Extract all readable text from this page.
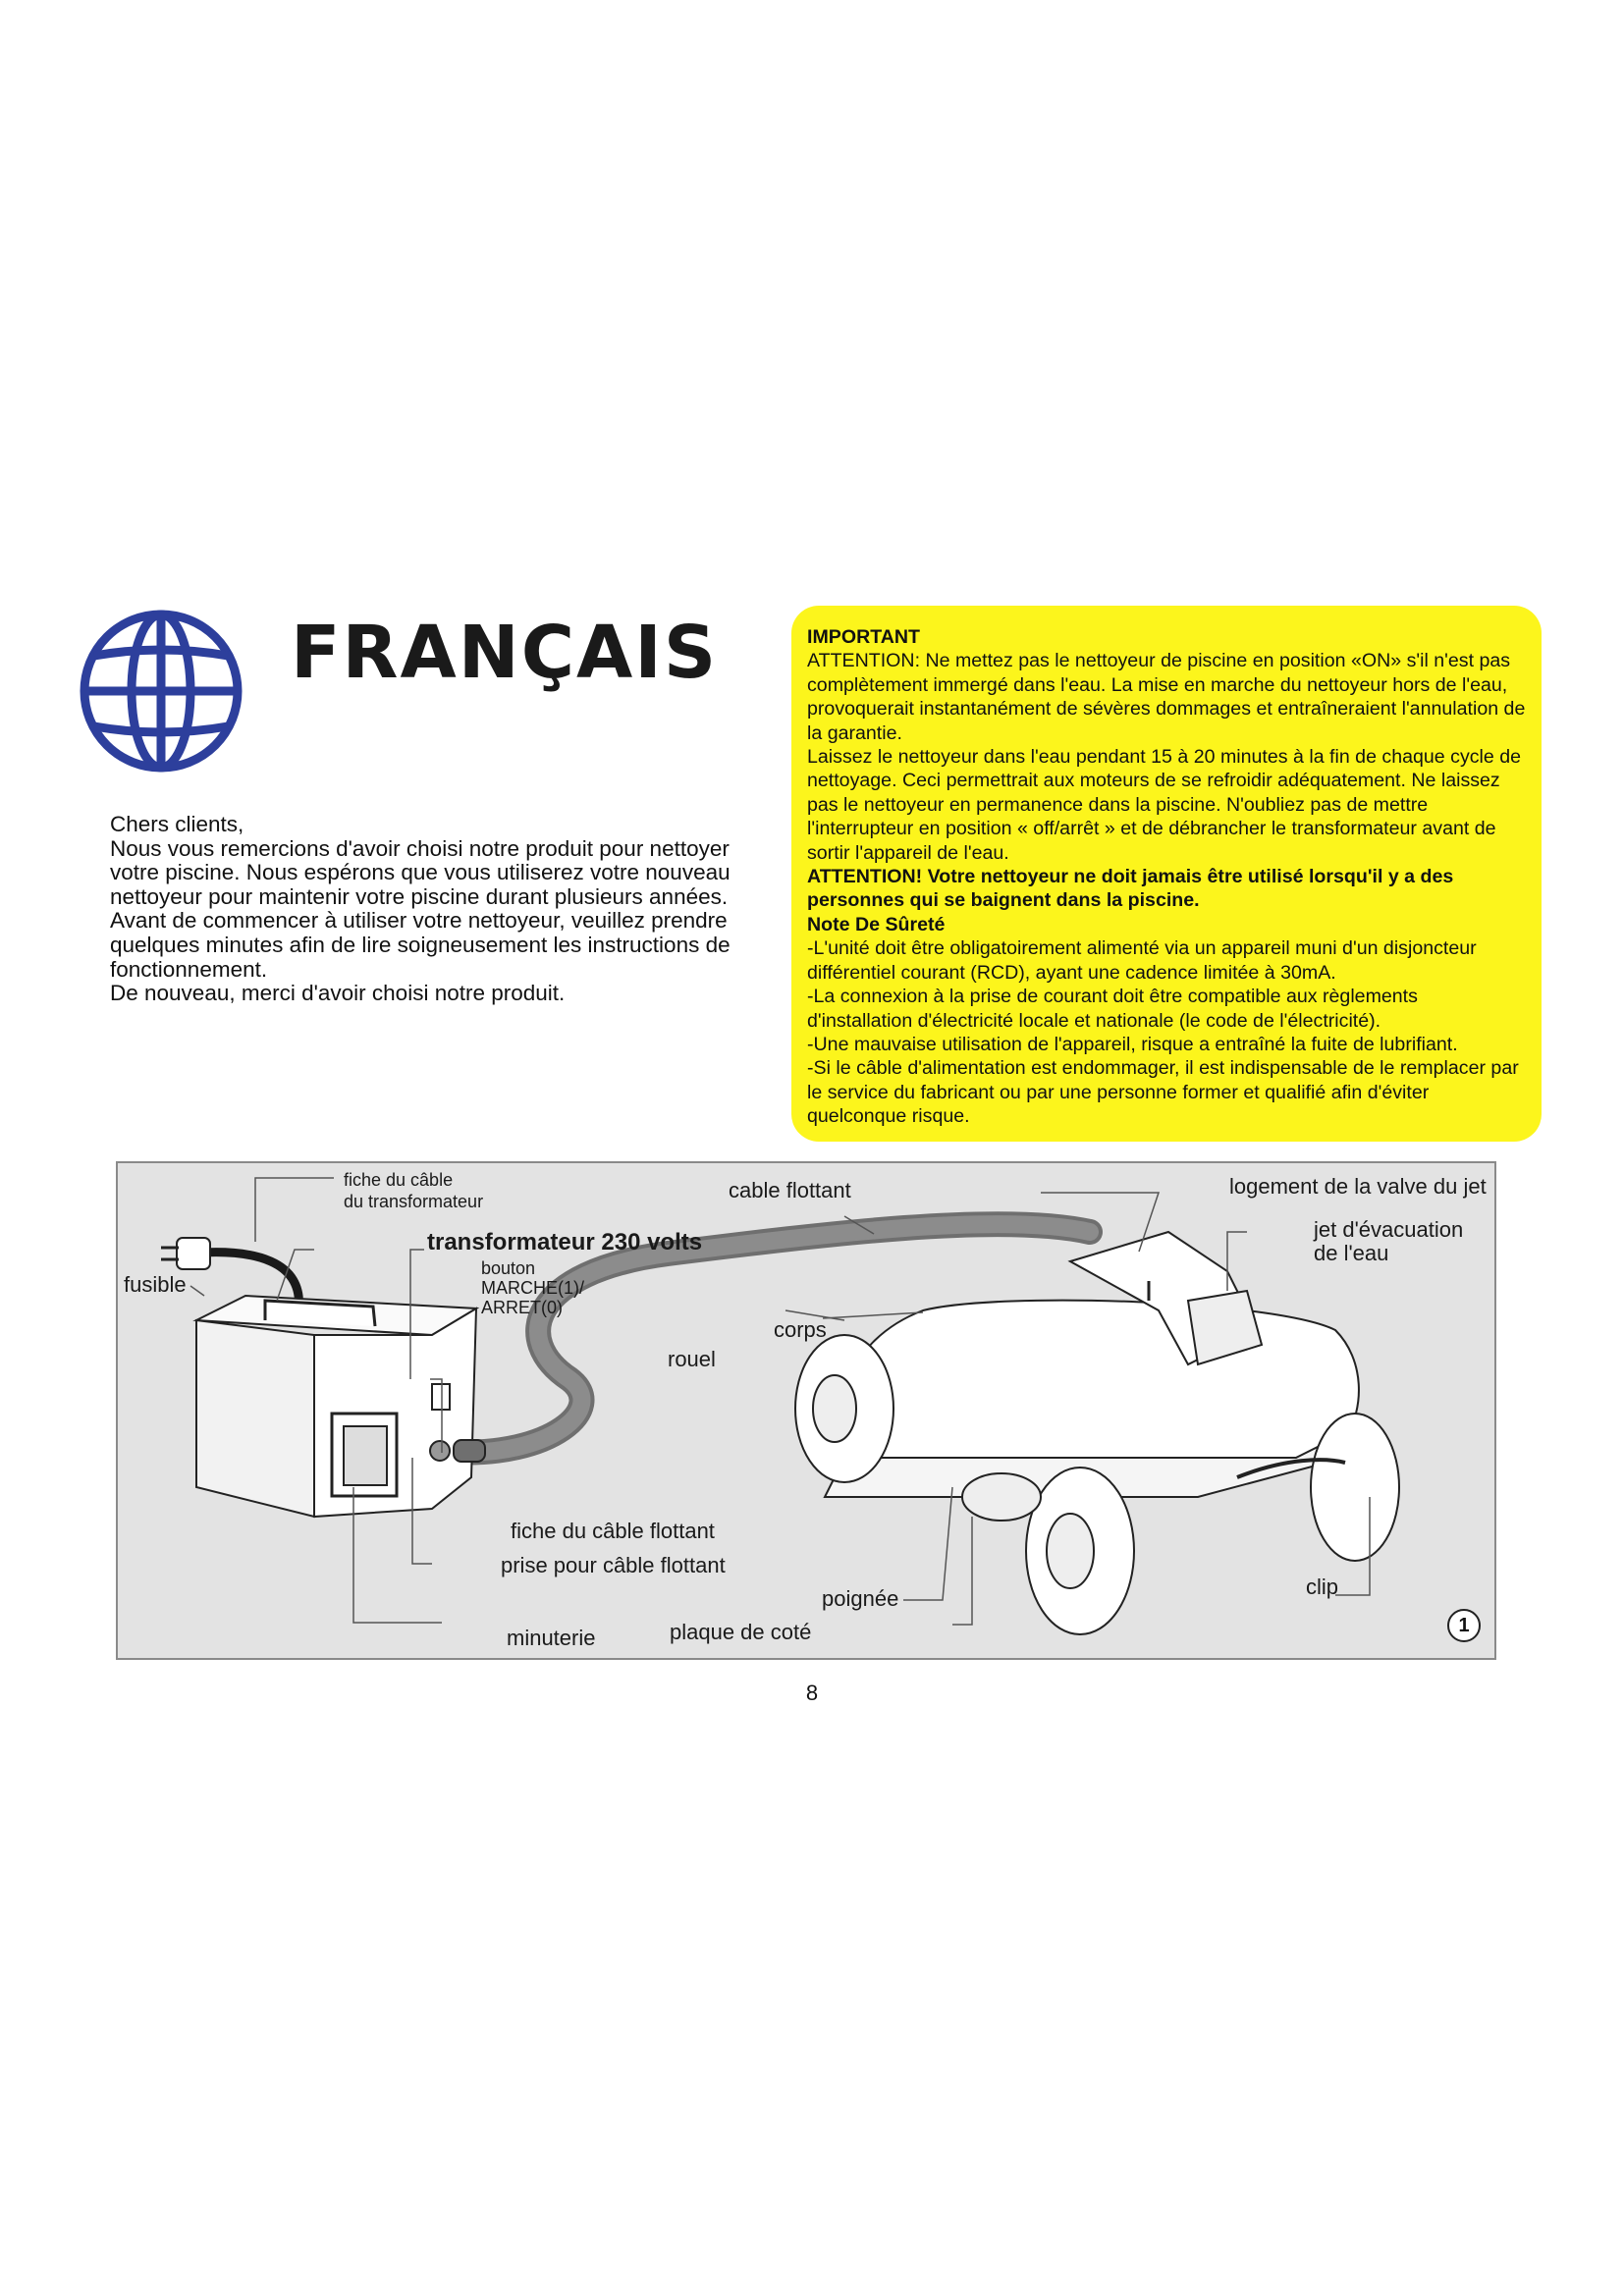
FRANÇAIS

Chers clients,

Nous vous remercions d'avoir choisi notre produit pour nettoyer votre piscine. Nous espérons que vous utiliserez votre nouveau nettoyeur pour maintenir votre piscine durant plusieurs années.

Avant de commencer à utiliser votre nettoyeur, veuillez prendre quelques minutes afin de lire soigneusement les instructions de fonctionnement.

De nouveau, merci d'avoir choisi notre produit.

IMPORTANT

ATTENTION: Ne mettez pas le nettoyeur de piscine en position «ON» s'il n'est pas complètement immergé dans l'eau. La mise en marche du nettoyeur hors de l'eau, provoquerait instantanément de sévères dommages et entraîneraient l'annulation de la garantie.

Laissez le nettoyeur dans l'eau pendant 15 à 20 minutes à la fin de chaque cycle de nettoyage. Ceci permettrait aux moteurs de se refroidir adéquatement. Ne laissez pas le nettoyeur en permanence dans la piscine. N'oubliez pas de mettre l'interrupteur en position « off/arrêt » et de débrancher le transformateur avant de sortir l'appareil de l'eau.

ATTENTION! Votre nettoyeur ne doit jamais être utilisé lorsqu'il y a des personnes qui se baignent dans la piscine.

Note De Sûreté

-L'unité doit être obligatoirement alimenté via un appareil muni d'un disjoncteur différentiel courant (RCD), ayant une cadence limitée à 30mA.

-La connexion à la prise de courant doit être compatible aux règlements d'installation d'électricité locale et nationale (le code de l'électricité).

-Une mauvaise utilisation de l'appareil, risque a entraîné la fuite de lubrifiant.

-Si le câble d'alimentation est endommager, il est indispensable de le remplacer par le service du fabricant ou par une personne former et qualifié afin d'éviter quelconque risque.

fiche du câble
du transformateur	cable flottant	logement de la valve du jet
transformateur 230 volts	jet d'évacuation
de l'eau
bouton
MARCHE(1)/
ARRET(0)
fusible
corps
rouel
fiche du câble flottant
prise pour câble flottant
poignée	clip
plaque de coté
minuterie	1
8
